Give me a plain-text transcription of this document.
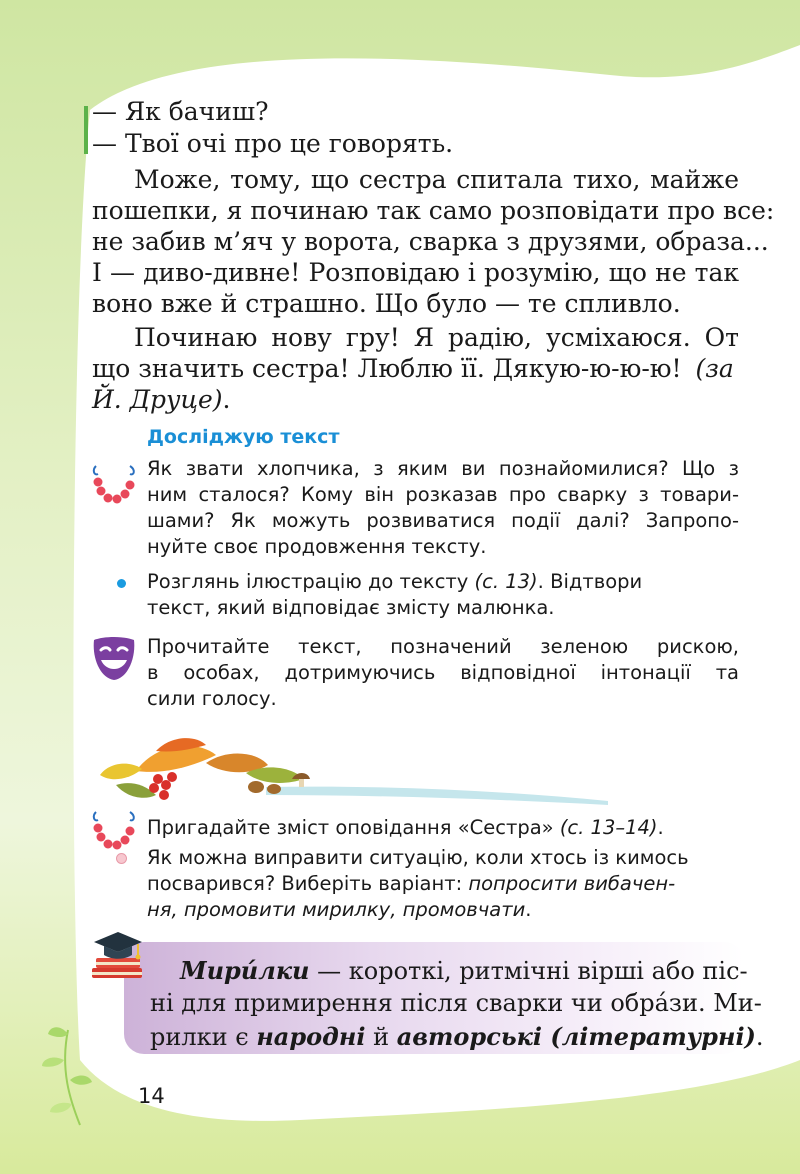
— Як бачиш?
— Твої очі про це говорять.
Може, тому, що сестра спитала тихо, майже
пошепки, я починаю так само розповідати про все:
не забив м’яч у ворота, сварка з друзями, образа...
І — диво-дивне! Розповідаю і розумію, що не так
воно вже й страшно. Що було — те спливло.
Починаю нову гру! Я радію, усміхаюся. От
що значить сестра! Люблю її. Дякую-ю-ю-ю! (за
Й. Друце).
Досліджую текст
Як звати хлопчика, з яким ви познайомилися? Що з
ним сталося? Кому він розказав про сварку з товари-
шами? Як можуть розвиватися події далі? Запропо-
нуйте своє продовження тексту.
Розглянь ілюстрацію до тексту (с. 13). Відтвори
текст, який відповідає змісту малюнка.
Прочитайте текст, позначений зеленою рискою,
в особах, дотримуючись відповідної інтонації та
сили голосу.
Пригадайте зміст оповідання «Сестра» (с. 13–14).
Як можна виправити ситуацію, коли хтось із кимось
посварився? Виберіть варіант: попросити вибачен-
ня, промовити мирилку, промовчати.
Мири́лки — короткі, ритмічні вірші або піс-
ні для примирення після сварки чи обра́зи. Ми-
рилки є народні й авторські (літературні).
14
